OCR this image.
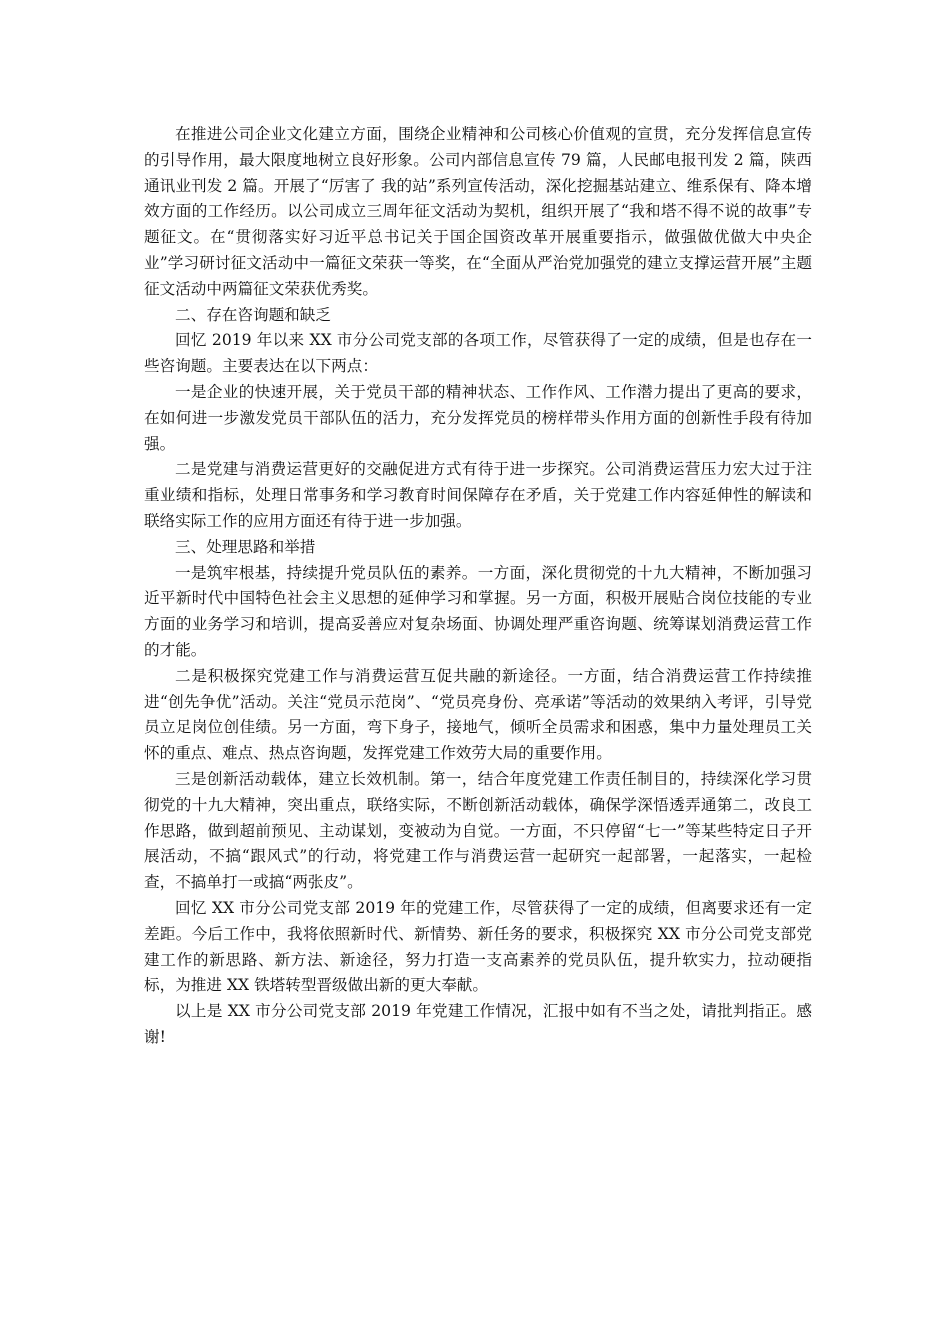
在推进公司企业文化建立方面，围绕企业精神和公司核心价值观的宣贯，充分发挥信息宣传的引导作用，最大限度地树立良好形象。公司内部信息宣传 79 篇，人民邮电报刊发 2 篇，陕西通讯业刊发 2 篇。开展了“厉害了 我的站”系列宣传活动，深化挖掘基站建立、维系保有、降本增效方面的工作经历。以公司成立三周年征文活动为契机，组织开展了“我和塔不得不说的故事”专题征文。在“贯彻落实好习近平总书记关于国企国资改革开展重要指示，做强做优做大中央企业”学习研讨征文活动中一篇征文荣获一等奖，在“全面从严治党加强党的建立支撑运营开展”主题征文活动中两篇征文荣获优秀奖。

二、存在咨询题和缺乏

回忆 2019 年以来 XX 市分公司党支部的各项工作，尽管获得了一定的成绩，但是也存在一些咨询题。主要表达在以下两点：

一是企业的快速开展，关于党员干部的精神状态、工作作风、工作潜力提出了更高的要求，在如何进一步激发党员干部队伍的活力，充分发挥党员的榜样带头作用方面的创新性手段有待加强。

二是党建与消费运营更好的交融促进方式有待于进一步探究。公司消费运营压力宏大过于注重业绩和指标，处理日常事务和学习教育时间保障存在矛盾，关于党建工作内容延伸性的解读和联络实际工作的应用方面还有待于进一步加强。

三、处理思路和举措

一是筑牢根基，持续提升党员队伍的素养。一方面，深化贯彻党的十九大精神，不断加强习近平新时代中国特色社会主义思想的延伸学习和掌握。另一方面，积极开展贴合岗位技能的专业方面的业务学习和培训，提高妥善应对复杂场面、协调处理严重咨询题、统筹谋划消费运营工作的才能。

二是积极探究党建工作与消费运营互促共融的新途径。一方面，结合消费运营工作持续推进“创先争优”活动。关注“党员示范岗”、“党员亮身份、亮承诺”等活动的效果纳入考评，引导党员立足岗位创佳绩。另一方面，弯下身子，接地气，倾听全员需求和困惑，集中力量处理员工关怀的重点、难点、热点咨询题，发挥党建工作效劳大局的重要作用。

三是创新活动载体，建立长效机制。第一，结合年度党建工作责任制目的，持续深化学习贯彻党的十九大精神，突出重点，联络实际，不断创新活动载体，确保学深悟透弄通第二，改良工作思路，做到超前预见、主动谋划，变被动为自觉。一方面，不只停留“七一”等某些特定日子开展活动，不搞“跟风式”的行动，将党建工作与消费运营一起研究一起部署，一起落实，一起检查，不搞单打一或搞“两张皮”。

回忆 XX 市分公司党支部 2019 年的党建工作，尽管获得了一定的成绩，但离要求还有一定差距。今后工作中，我将依照新时代、新情势、新任务的要求，积极探究 XX 市分公司党支部党建工作的新思路、新方法、新途径，努力打造一支高素养的党员队伍，提升软实力，拉动硬指标，为推进 XX 铁塔转型晋级做出新的更大奉献。

以上是 XX 市分公司党支部 2019 年党建工作情况，汇报中如有不当之处，请批判指正。感谢!
